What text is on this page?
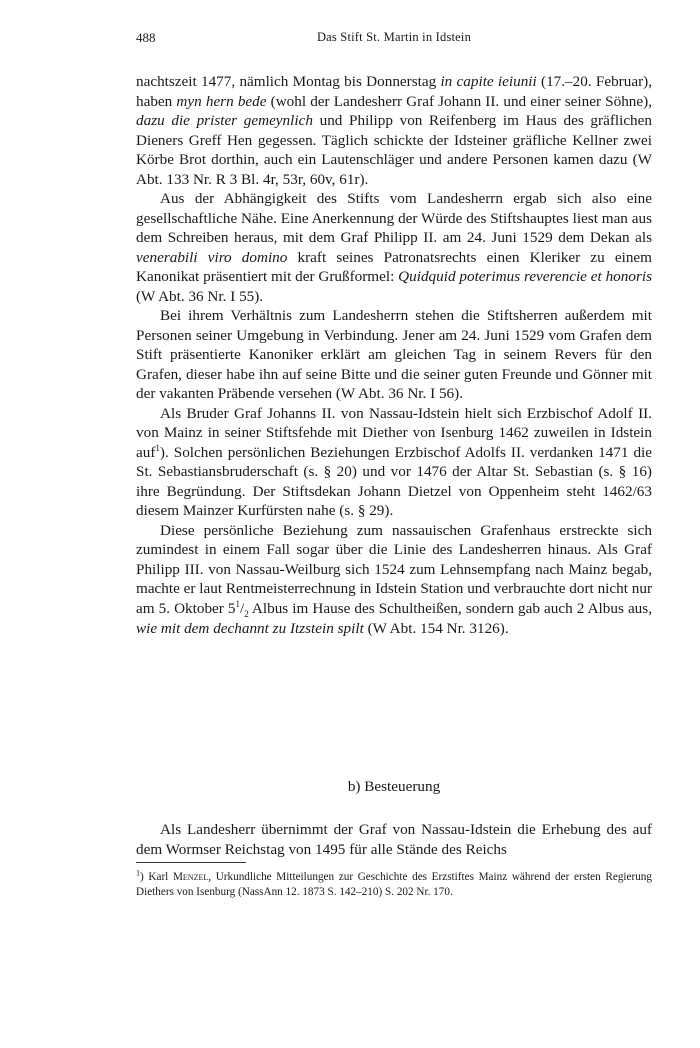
488	Das Stift St. Martin in Idstein

nachtszeit 1477, nämlich Montag bis Donnerstag in capite ieiunii (17.–20. Februar), haben myn hern bede (wohl der Landesherr Graf Johann II. und einer seiner Söhne), dazu die prister gemeynlich und Philipp von Reifenberg im Haus des gräflichen Dieners Greff Hen gegessen. Täglich schickte der Idsteiner gräfliche Kellner zwei Körbe Brot dorthin, auch ein Lautenschläger und andere Personen kamen dazu (W Abt. 133 Nr. R 3 Bl. 4r, 53r, 60v, 61r).

Aus der Abhängigkeit des Stifts vom Landesherrn ergab sich also eine gesellschaftliche Nähe. Eine Anerkennung der Würde des Stiftshauptes liest man aus dem Schreiben heraus, mit dem Graf Philipp II. am 24. Juni 1529 dem Dekan als venerabili viro domino kraft seines Patronatsrechts einen Kleriker zu einem Kanonikat präsentiert mit der Grußformel: Quidquid poterimus reverencie et honoris (W Abt. 36 Nr. I 55).

Bei ihrem Verhältnis zum Landesherrn stehen die Stiftsherren außerdem mit Personen seiner Umgebung in Verbindung. Jener am 24. Juni 1529 vom Grafen dem Stift präsentierte Kanoniker erklärt am gleichen Tag in seinem Revers für den Grafen, dieser habe ihn auf seine Bitte und die seiner guten Freunde und Gönner mit der vakanten Präbende versehen (W Abt. 36 Nr. I 56).

Als Bruder Graf Johanns II. von Nassau-Idstein hielt sich Erzbischof Adolf II. von Mainz in seiner Stiftsfehde mit Diether von Isenburg 1462 zuweilen in Idstein auf$^1$). Solchen persönlichen Beziehungen Erzbischof Adolfs II. verdanken 1471 die St. Sebastiansbruderschaft (s. § 20) und vor 1476 der Altar St. Sebastian (s. § 16) ihre Begründung. Der Stiftsdekan Johann Dietzel von Oppenheim steht 1462/63 diesem Mainzer Kurfürsten nahe (s. § 29).

Diese persönliche Beziehung zum nassauischen Grafenhaus erstreckte sich zumindest in einem Fall sogar über die Linie des Landesherren hinaus. Als Graf Philipp III. von Nassau-Weilburg sich 1524 zum Lehnsempfang nach Mainz begab, machte er laut Rentmeisterrechnung in Idstein Station und verbrauchte dort nicht nur am 5. Oktober $5^1/_2$ Albus im Hause des Schultheißen, sondern gab auch 2 Albus aus, wie mit dem dechannt zu Itzstein spilt (W Abt. 154 Nr. 3126).

b) Besteuerung

Als Landesherr übernimmt der Graf von Nassau-Idstein die Erhebung des auf dem Wormser Reichstag von 1495 für alle Stände des Reichs

$^1$) Karl Menzel, Urkundliche Mitteilungen zur Geschichte des Erzstiftes Mainz während der ersten Regierung Diethers von Isenburg (NassAnn 12. 1873 S. 142–210) S. 202 Nr. 170.
